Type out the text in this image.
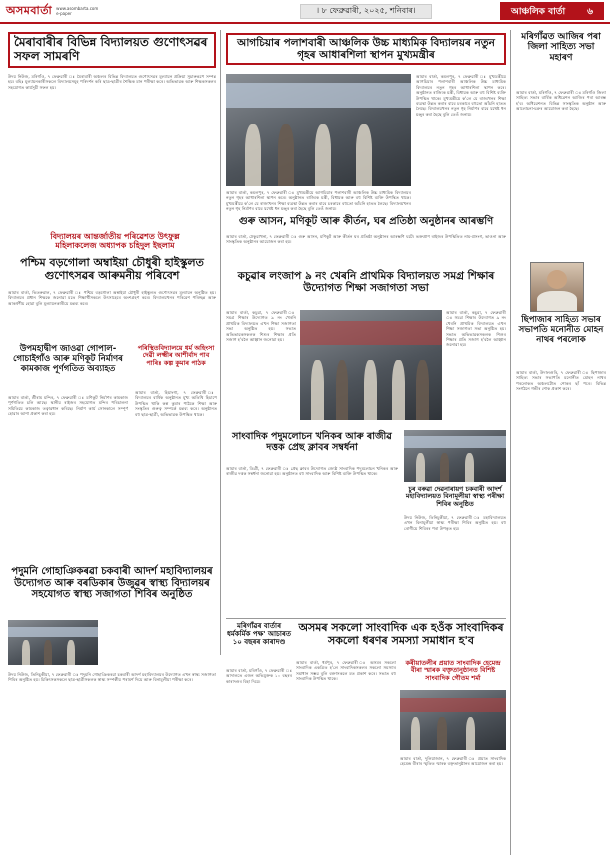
অসমবাৰ্তা www.asombarta.com
e-paper	। ৮ ফেব্ৰুৱাৰী, ২০২৫, শনিবাৰ।	আঞ্চলিক বাৰ্তা ৬
মৈৰাবাৰীৰ বিভিন্ন বিদ্যালয়ত গুণোৎসৱৰ সফল সামৰণি
উদয় নিউজ, মৰিগাঁও, ৭ ফেব্ৰুৱাৰী ঃ মৈৰাবাৰী অঞ্চলৰ বিভিন্ন বিদ্যালয়ত গুণোৎসৱৰ মূল্যায়ন প্ৰক্ৰিয়া সুচাৰুৰূপে সম্পন্ন হয়। বহিঃ মূল্যায়নকাৰীসকলে বিদ্যালয়সমূহ পৰিদৰ্শন কৰি ছাত্ৰ-ছাত্ৰীৰ শৈক্ষিক মান পৰীক্ষা কৰে। অভিভাৱক আৰু শিক্ষকসকলৰ সহযোগত কাৰ্যসূচী সফল হয়।
বিদ্যালয়ৰ আন্তৰ্জাতীয় পৰিৱেশত উৎফুল্ল মহিলাকলেজ অধ্যাপক চহিদুল ইছলাম
পশ্চিম বড়গোলা অম্বাইয়া চৌধুৰী হাইস্কুলত গুণোৎসৱৰ আৰুমনীয় পৰিবেশ
আমাৰ বাৰ্তা, ভিতৰুৱাল, ৭ ফেব্ৰুৱাৰী ঃ পশ্চিম বড়গোলা অম্বাইয়া চৌধুৰী হাইস্কুলত গুণোৎসৱৰ মূল্যায়ন অনুষ্ঠিত হয়। বিদ্যালয়ৰ প্ৰধান শিক্ষকে জনোৱা মতে শিক্ষাৰ্থীসকলে উৎসাহেৰে অংশগ্ৰহণ কৰে। বিদ্যালয়খনৰ পৰিৱেশ পৰিচ্ছন্ন আৰু আকৰ্ষণীয় হোৱা বুলি মূল্যায়নকাৰীয়ে মন্তব্য কৰে।
উপমহাদ্বীপ জাওৱা গোপাল-গোচাইগাঁও আৰু মণিকূট নিৰ্মাণৰ কামকাজ পূৰ্ণগতিত অব্যাহত
আমাৰ বাৰ্তা, শ্ৰীৰাম মন্দিৰ, ৭ ফেব্ৰুৱাৰী ঃ মণিকূট নিৰ্মাণৰ কামকাজ পূৰ্ণগতিত চলি আছে। স্থানীয় ৰাইজৰ সহযোগত মন্দিৰ পৰিচালনা সমিতিয়ে কামকাজ তত্বাৱধান কৰিছে। নিৰ্মাণ কাৰ্য সোনকালে সম্পূৰ্ণ হোৱাৰ আশা প্ৰকাশ কৰা হয়।
পৰিস্থিতবিদ্যালয়ে ধৰ্ম অহিংসা দেৱী লক্ষ্মীৰ আশীৰ্বাদ পাব পাৰিঃ কল্প কুমাৰ পাঠক
আমাৰ বাৰ্তা, হিয়াংগা, ৭ ফেব্ৰুৱাৰী ঃ বিদ্যালয়ৰ বাৰ্ষিক অনুষ্ঠানত মুখ্য অতিথি হিচাপে উপস্থিত থাকি কল্প কুমাৰ পাঠকে শিক্ষা আৰু সংস্কৃতিৰ গুৰুত্ব সম্পৰ্কে মন্তব্য কৰে। অনুষ্ঠানত বহু ছাত্ৰ-ছাত্ৰী, অভিভাৱক উপস্থিত থাকে।
পদুমনি গোহাঞিকৰৱা চকবাৰী আদৰ্শ মহাবিদ্যালয়ৰ উদ্যোগত আৰু বৰডিকাৰ উজুৱৰ স্বাস্থ্য বিদ্যালয়ৰ সহযোগত স্বাস্থ্য সজাগতা শিবিৰ অনুষ্ঠিত
উদয় নিউজ, তিনিচুকীয়া, ৭ ফেব্ৰুৱাৰী ঃ পদুমনি গোহাঞিকৰৱা চকবাৰী আদৰ্শ মহাবিদ্যালয়ৰ উদ্যোগত এখন স্বাস্থ্য সজাগতা শিবিৰ অনুষ্ঠিত হয়। চিকিৎসকসকলে ছাত্ৰ-ছাত্ৰীসকলক স্বাস্থ্য সম্পৰ্কীয় পৰামৰ্শ দিয়ে আৰু বিনামূলীয়া পৰীক্ষা কৰে।
আগচিয়াৰ পলাশবাৰী আঞ্চলিক উচ্চ মাধ্যমিক বিদ্যালয়ৰ নতুন গৃহৰ আধাৰশিলা স্থাপন মুখ্যমন্ত্ৰীৰ
আমাৰ বাৰ্তা, কমলপুৰ, ৭ ফেব্ৰুৱাৰী ঃ মুখ্যমন্ত্ৰীয়ে আগচিয়াৰ পলাশবাৰী আঞ্চলিক উচ্চ মাধ্যমিক বিদ্যালয়ৰ নতুন গৃহৰ আধাৰশিলা স্থাপন কৰে। অনুষ্ঠানত ৰাজ্যিক মন্ত্ৰী, বিধায়ক আৰু বহু বিশিষ্ট ব্যক্তি উপস্থিত থাকে। মুখ্যমন্ত্ৰীয়ে ক'লে যে ৰাজ্যখনৰ শিক্ষা ব্যৱস্থা উন্নত কৰাৰ বাবে চৰকাৰে বহুতো আঁচনি হাতত লৈছে। বিদ্যালয়খনৰ নতুন গৃহ নিৰ্মাণৰ বাবে যথেষ্ট ধন মঞ্জুৰ কৰা হৈছে বুলি তেওঁ জনায়।
আমাৰ বাৰ্তা, কমলপুৰ, ৭ ফেব্ৰুৱাৰী ঃ মুখ্যমন্ত্ৰীয়ে আগচিয়াৰ পলাশবাৰী আঞ্চলিক উচ্চ মাধ্যমিক বিদ্যালয়ৰ নতুন গৃহৰ আধাৰশিলা স্থাপন কৰে। অনুষ্ঠানত ৰাজ্যিক মন্ত্ৰী, বিধায়ক আৰু বহু বিশিষ্ট ব্যক্তি উপস্থিত থাকে। মুখ্যমন্ত্ৰীয়ে ক'লে যে ৰাজ্যখনৰ শিক্ষা ব্যৱস্থা উন্নত কৰাৰ বাবে চৰকাৰে বহুতো আঁচনি হাতত লৈছে। বিদ্যালয়খনৰ নতুন গৃহ নিৰ্মাণৰ বাবে যথেষ্ট ধন মঞ্জুৰ কৰা হৈছে বুলি তেওঁ জনায়।
গুৰু আসন, মণিকূট আৰু কীৰ্তন, ঘৰ প্ৰতিষ্ঠা অনুষ্ঠানৰ আৰম্ভণি
আমাৰ বাৰ্তা, ঢেকুৱাখনা, ৭ ফেব্ৰুৱাৰী ঃ গুৰু আসন, মণিকূট আৰু কীৰ্তন ঘৰ প্ৰতিষ্ঠা অনুষ্ঠানৰ আৰম্ভণি ঘটে। ভক্তপ্ৰাণ ৰাইজৰ উপস্থিতিত নাম-প্ৰসংগ, ভাওনা আৰু সাংস্কৃতিক অনুষ্ঠানৰ আয়োজন কৰা হয়।
কচুৱাৰ লংজাপ ৯ নং খেৰনি প্ৰাথমিক বিদ্যালয়ত সমগ্ৰ শিক্ষাৰ উদ্যোগত শিক্ষা সজাগতা সভা
আমাৰ বাৰ্তা, কচুৱা, ৭ ফেব্ৰুৱাৰী ঃ সমগ্ৰ শিক্ষাৰ উদ্যোগত ৯ নং খেৰনি প্ৰাথমিক বিদ্যালয়ত এখন শিক্ষা সজাগতা সভা অনুষ্ঠিত হয়। সভাত অভিভাৱকসকলক শিশুৰ শিক্ষাৰ প্ৰতি সজাগ হ'বলৈ আহ্বান জনোৱা হয়।
আমাৰ বাৰ্তা, কচুৱা, ৭ ফেব্ৰুৱাৰী ঃ সমগ্ৰ শিক্ষাৰ উদ্যোগত ৯ নং খেৰনি প্ৰাথমিক বিদ্যালয়ত এখন শিক্ষা সজাগতা সভা অনুষ্ঠিত হয়। সভাত অভিভাৱকসকলক শিশুৰ শিক্ষাৰ প্ৰতি সজাগ হ'বলৈ আহ্বান জনোৱা হয়।
সাংবাদিক পদুমলোচন খনিকৰ আৰু ৰাজীৱ দত্তক প্ৰেছ ক্লাবৰ সম্বৰ্ধনা
আমাৰ বাৰ্তা, ডিগ্ৰী, ৭ ফেব্ৰুৱাৰী ঃ প্ৰেছ ক্লাবৰ উদ্যোগত জ্যেষ্ঠ সাংবাদিক পদুমলোচন খনিকৰ আৰু ৰাজীৱ দত্তক সম্বৰ্ধনা জনোৱা হয়। অনুষ্ঠানত বহু সাংবাদিক আৰু বিশিষ্ট ব্যক্তি উপস্থিত থাকে।
চুৰ বৰুৱা দেৱনাৰায়ণ চকবাৰী আদৰ্শ মহাবিদ্যালয়ত বিনামূলীয়া স্বাস্থ্য পৰীক্ষা শিবিৰ অনুষ্ঠিত
উদয় নিউজ, তিনিচুকীয়া, ৭ ফেব্ৰুৱাৰী ঃ মহাবিদ্যালয়ত এখন বিনামূলীয়া স্বাস্থ্য পৰীক্ষা শিবিৰ অনুষ্ঠিত হয়। বহু ৰোগীয়ে শিবিৰৰ পৰা উপকৃত হয়।
মৰিগাঁৱৰ বাৰ্তাৰ ধৰ্মকৰ্মিক পক্ষ' আচাৰত ১০ বছৰৰ কাৰাদণ্ড
আমাৰ বাৰ্তা, মৰিগাঁও, ৭ ফেব্ৰুৱাৰী ঃ আদালতে এজন অভিযুক্তক ১০ বছৰৰ কাৰাদণ্ডৰ বিহা দিয়ে।
অসমৰ সকলো সাংবাদিক এক হওঁক সাংবাদিকৰ সকলো ধৰণৰ সমস্যা সমাধান হ'ব
আমাৰ বাৰ্তা, ধৰ্মপুৰ, ৭ ফেব্ৰুৱাৰী ঃ অসমৰ সকলো সাংবাদিক একত্ৰিত হ'লে সাংবাদিকসকলৰ সকলো সমস্যাৰ সমাধান সম্ভৱ বুলি বক্তাসকলে মত প্ৰকাশ কৰে। সভাত বহু সাংবাদিক উপস্থিত থাকে।
কৰীয়াতলীৰ প্ৰয়াত সাংবাদিক হেমেন্দ্ৰ বীৰা স্মাৰক বক্তৃতানুষ্ঠানত বিশিষ্ট সাংবাদিক গৌতম শৰ্মা
আমাৰ বাৰ্তা, দুলিয়াজান, ৭ ফেব্ৰুৱাৰী ঃ প্ৰয়াত সাংবাদিক হেমেন্দ্ৰ বীৰাৰ স্মৃতিত স্মাৰক বক্তৃতানুষ্ঠানৰ আয়োজন কৰা হয়।
মৰিগাঁৱত আজিৰ পৰা জিলা সাহিত্য সভা মহাৰণ
আমাৰ বাৰ্তা, মৰিগাঁও, ৭ ফেব্ৰুৱাৰী ঃ মৰিগাঁও জিলা সাহিত্য সভাৰ বাৰ্ষিক অধিৱেশন আজিৰ পৰা আৰম্ভ হ'ব। অধিৱেশনত বিভিন্ন সাংস্কৃতিক অনুষ্ঠান আৰু আলোচনা-চক্ৰৰ আয়োজন কৰা হৈছে।
ছিপাজাৰ সাহিত্য সভাৰ সভাপতি মনোনীত মোহন নাথৰ পৰলোক
আমাৰ বাৰ্তা, উদালগুৰি, ৭ ফেব্ৰুৱাৰী ঃ ছিপাজাৰ সাহিত্য সভাৰ সভাপতি মনোনীত মোহন নাথৰ পৰলোকত অঞ্চলটোত শোকৰ ছাঁ পৰে। বিভিন্ন সংগঠনে গভীৰ শোক প্ৰকাশ কৰে।
